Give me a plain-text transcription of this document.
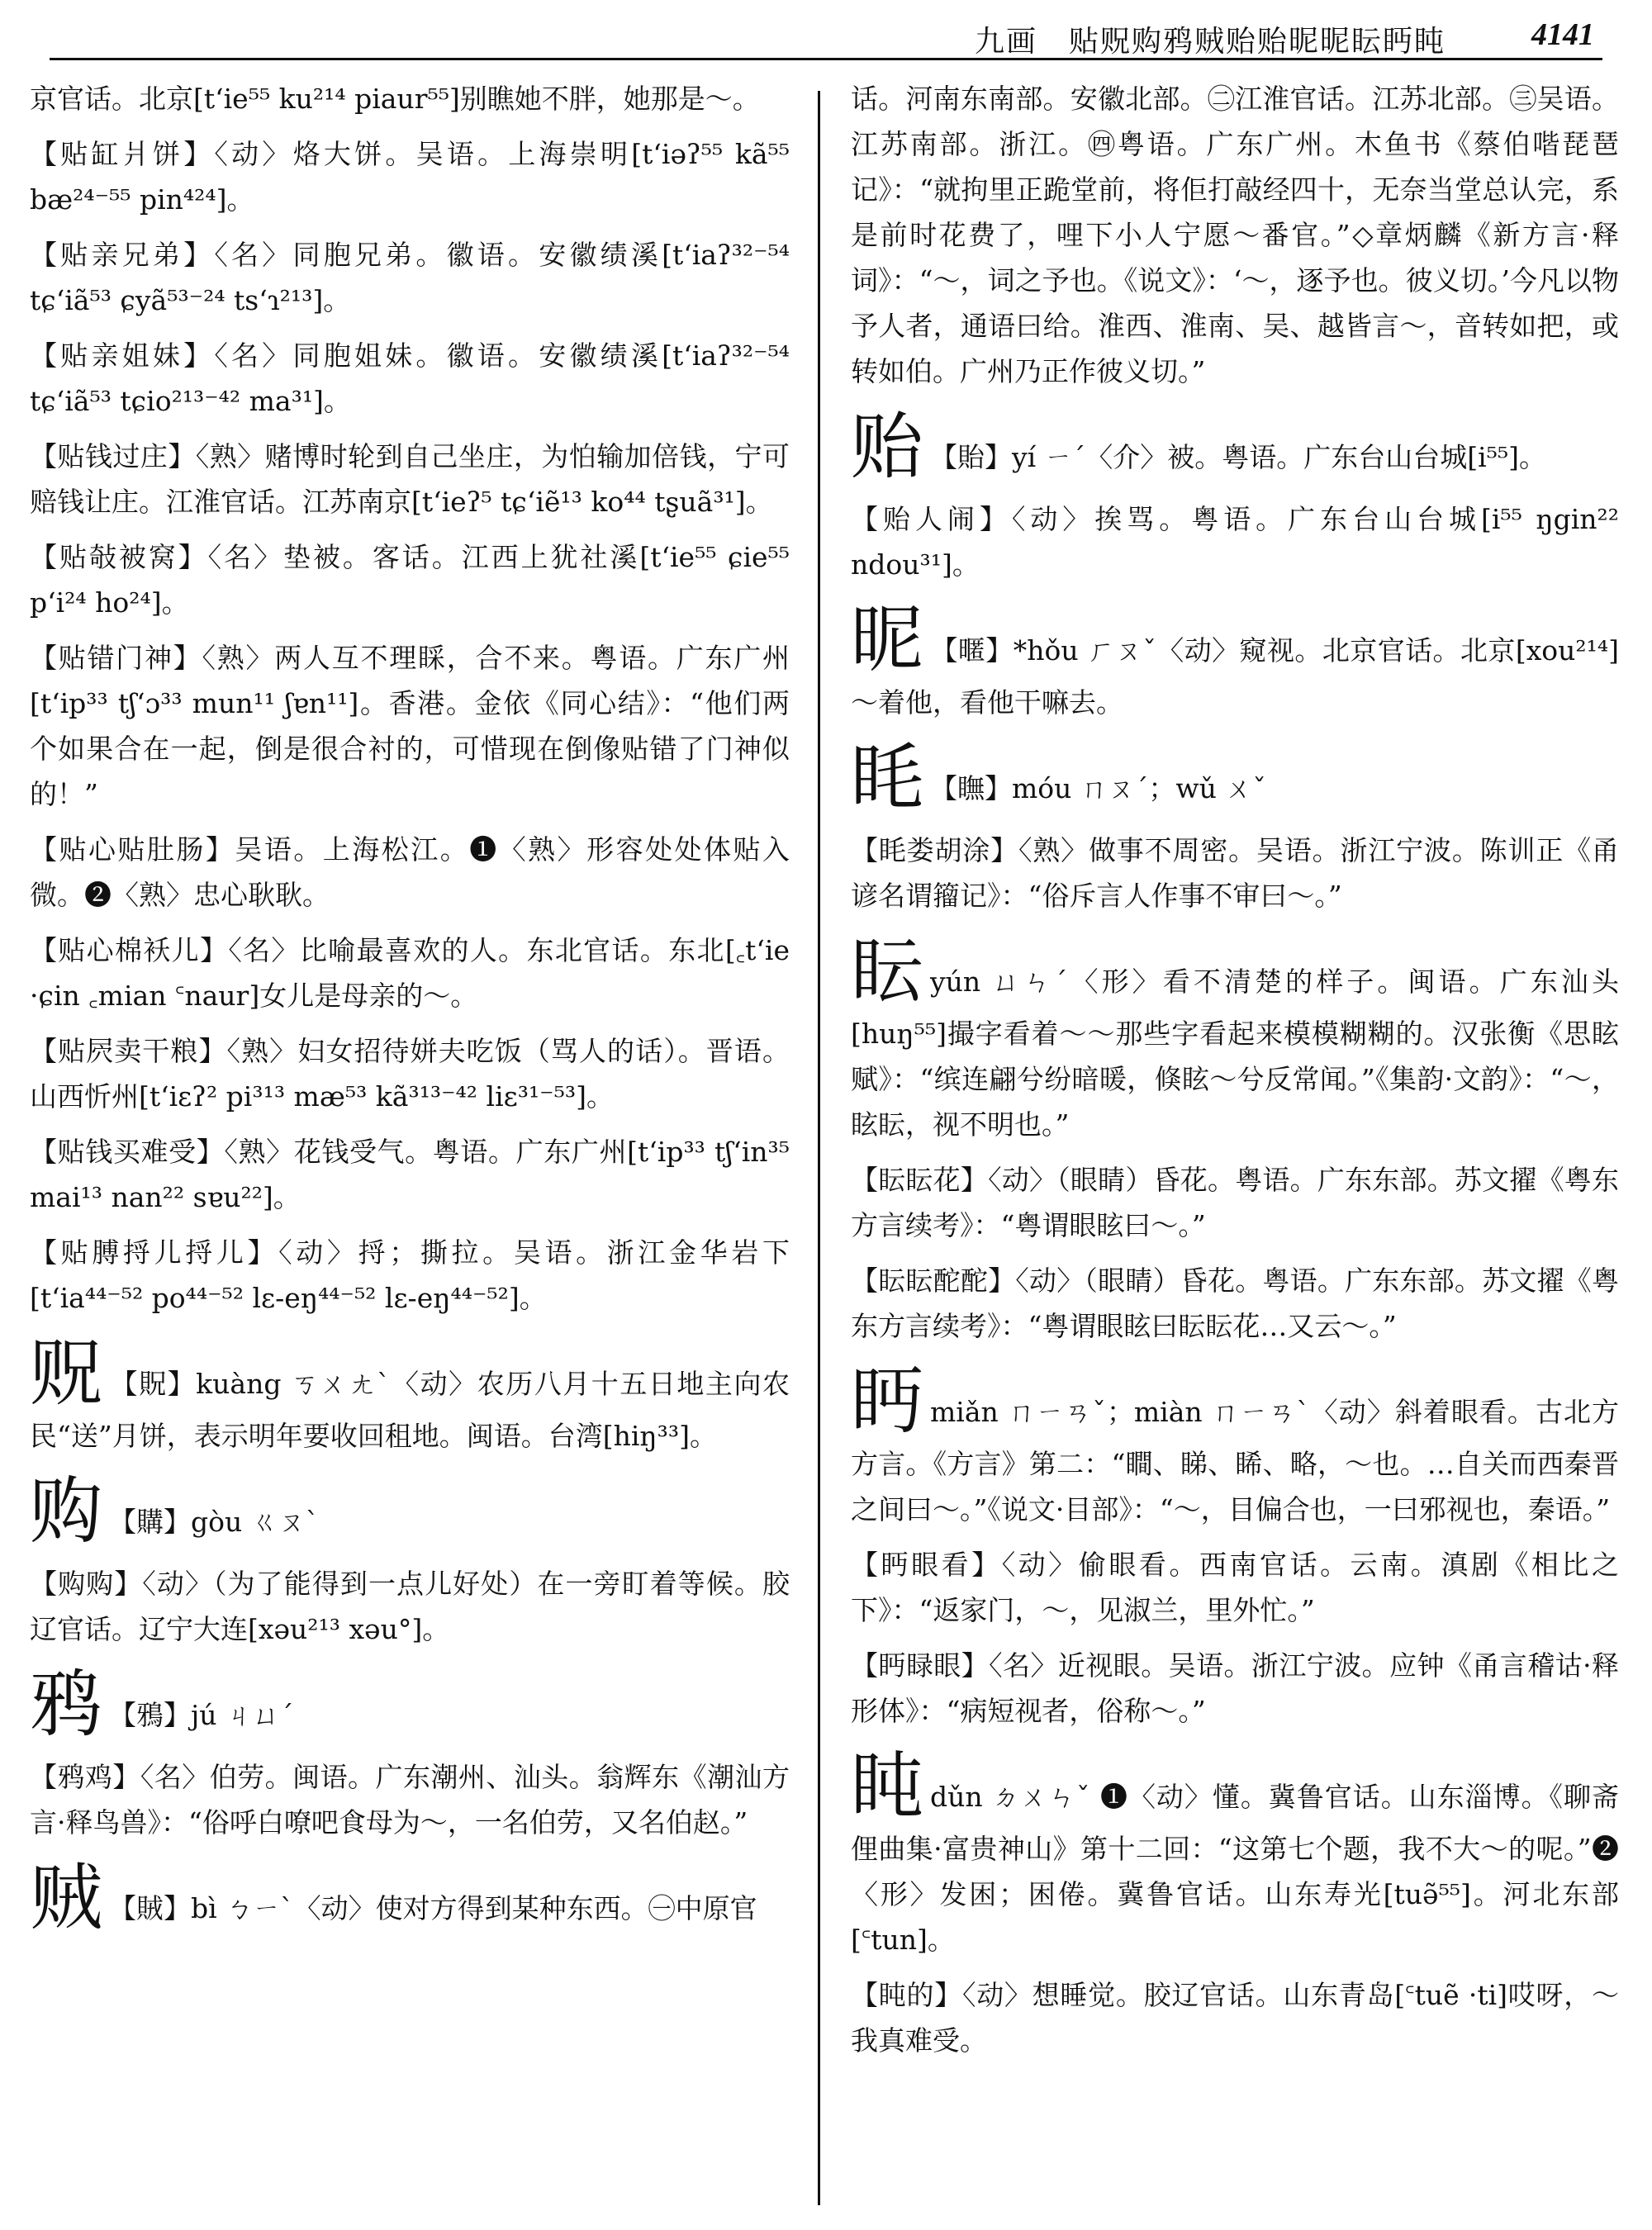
九画　贴贶购鸦贼贻贻昵昵眃眄盹	4141

京官话。北京[t‘ie⁵⁵ ku²¹⁴ piaur⁵⁵]别瞧她不胖，她那是～。

【贴缸爿饼】〈动〉烙大饼。吴语。上海崇明[t‘iəʔ⁵⁵ kã⁵⁵ bæ²⁴⁻⁵⁵ pin⁴²⁴]。

【贴亲兄弟】〈名〉同胞兄弟。徽语。安徽绩溪[t‘iaʔ³²⁻⁵⁴ tɕ‘iã⁵³ ɕyã⁵³⁻²⁴ ts‘ɿ²¹³]。

【贴亲姐妹】〈名〉同胞姐妹。徽语。安徽绩溪[t‘iaʔ³²⁻⁵⁴ tɕ‘iã⁵³ tɕio²¹³⁻⁴² ma³¹]。

【贴钱过庄】〈熟〉赌博时轮到自己坐庄，为怕输加倍钱，宁可赔钱让庄。江淮官话。江苏南京[t‘ieʔ⁵ tɕ‘iẽ¹³ ko⁴⁴ tʂuã³¹]。

【贴敧被窝】〈名〉垫被。客话。江西上犹社溪[t‘ie⁵⁵ ɕie⁵⁵ p‘i²⁴ ho²⁴]。

【贴错门神】〈熟〉两人互不理睬，合不来。粤语。广东广州[t‘ip³³ tʃ‘ɔ³³ mun¹¹ ʃɐn¹¹]。香港。金依《同心结》：“他们两个如果合在一起，倒是很合衬的，可惜现在倒像贴错了门神似的！”

【贴心贴肚肠】吴语。上海松江。❶〈熟〉形容处处体贴入微。❷〈熟〉忠心耿耿。

【贴心棉袄儿】〈名〉比喻最喜欢的人。东北官话。东北[꜀t‘ie ·ɕin ꜀mian ꜂naur]女儿是母亲的～。

【贴屄卖干粮】〈熟〉妇女招待姘夫吃饭（骂人的话）。晋语。山西忻州[t‘iɛʔ² pi³¹³ mæ⁵³ kã³¹³⁻⁴² liɛ³¹⁻⁵³]。

【贴钱买难受】〈熟〉花钱受气。粤语。广东广州[t‘ip³³ tʃ‘in³⁵ mai¹³ nan²² sɐu²²]。

【贴膊捋儿捋儿】〈动〉捋；撕拉。吴语。浙江金华岩下[t‘ia⁴⁴⁻⁵² po⁴⁴⁻⁵² lɛ-eŋ⁴⁴⁻⁵² lɛ-eŋ⁴⁴⁻⁵²]。

贶 【貺】kuàng ㄎㄨㄤˋ〈动〉农历八月十五日地主向农民“送”月饼，表示明年要收回租地。闽语。台湾[hiŋ³³]。

购 【購】gòu ㄍㄡˋ

【购购】〈动〉（为了能得到一点儿好处）在一旁盯着等候。胶辽官话。辽宁大连[xəu²¹³ xəu°]。

鸦 【鴉】jú ㄐㄩˊ

【鸦鸡】〈名〉伯劳。闽语。广东潮州、汕头。翁辉东《潮汕方言·释鸟兽》：“俗呼白嘹吧食母为～，一名伯劳，又名伯赵。”

贼 【賊】bì ㄅㄧˋ〈动〉使对方得到某种东西。㊀中原官

话。河南东南部。安徽北部。㊁江淮官话。江苏北部。㊂吴语。江苏南部。浙江。㊃粤语。广东广州。木鱼书《蔡伯喈琵琶记》：“就拘里正跪堂前，将佢打敲经四十，无奈当堂总认完，系是前时花费了，哩下小人宁愿～番官。”◇章炳麟《新方言·释词》：“～，词之予也。《说文》：‘～，逐予也。彼义切。’今凡以物予人者，通语曰给。淮西、淮南、吴、越皆言～，音转如把，或转如伯。广州乃正作彼义切。”

贻 【貽】yí ㄧˊ〈介〉被。粤语。广东台山台城[i⁵⁵]。

【贻人闹】〈动〉挨骂。粤语。广东台山台城[i⁵⁵ ŋgin²² ndou³¹]。

昵 【暱】*hǒu ㄏㄡˇ〈动〉窥视。北京官话。北京[xou²¹⁴]～着他，看他干嘛去。

眊 【瞴】móu ㄇㄡˊ；wǔ ㄨˇ

【眊娄胡涂】〈熟〉做事不周密。吴语。浙江宁波。陈训正《甬谚名谓籀记》：“俗斥言人作事不审曰～。”

眃yún ㄩㄣˊ〈形〉看不清楚的样子。闽语。广东汕头[huŋ⁵⁵]撮字看着～～那些字看起来模模糊糊的。汉张衡《思眩赋》：“缤连翩兮纷暗暖，倏眩～兮反常闻。”《集韵·文韵》：“～，眩眃，视不明也。”

【眃眃花】〈动〉（眼睛）昏花。粤语。广东东部。苏文擢《粤东方言续考》：“粤谓眼眩曰～。”

【眃眃酡酡】〈动〉（眼睛）昏花。粤语。广东东部。苏文擢《粤东方言续考》：“粤谓眼眩曰眃眃花…又云～。”

眄miǎn ㄇㄧㄢˇ；miàn ㄇㄧㄢˋ〈动〉斜着眼看。古北方方言。《方言》第二：“瞷、睇、睎、略，～也。…自关而西秦晋之间曰～。”《说文·目部》：“～，目偏合也，一曰邪视也，秦语。”

【眄眼看】〈动〉偷眼看。西南官话。云南。滇剧《相比之下》：“返家门，～，见淑兰，里外忙。”

【眄睩眼】〈名〉近视眼。吴语。浙江宁波。应钟《甬言稽诂·释形体》：“病短视者，俗称～。”

盹dǔn ㄉㄨㄣˇ ❶〈动〉懂。冀鲁官话。山东淄博。《聊斋俚曲集·富贵神山》第十二回：“这第七个题，我不大～的呢。”❷〈形〉发困；困倦。冀鲁官话。山东寿光[tuə̃⁵⁵]。河北东部[꜂tun]。

【盹的】〈动〉想睡觉。胶辽官话。山东青岛[꜂tuẽ ·ti]哎呀，～我真难受。
